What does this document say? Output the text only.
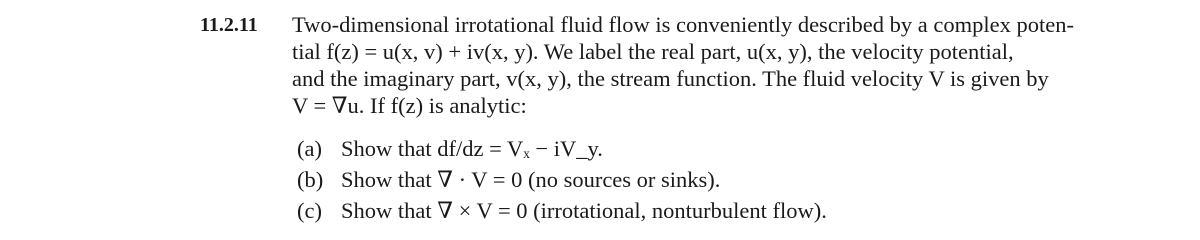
11.2.11 Two-dimensional irrotational fluid flow is conveniently described by a complex poten-
tial f(z) = u(x, v) + iv(x, y). We label the real part, u(x, y), the velocity potential,
and the imaginary part, v(x, y), the stream function. The fluid velocity V is given by
V = ∇u. If f(z) is analytic:
(a) Show that df/dz = Vₓ − iV_y.
(b) Show that ∇ · V = 0 (no sources or sinks).
(c) Show that ∇ × V = 0 (irrotational, nonturbulent flow).
